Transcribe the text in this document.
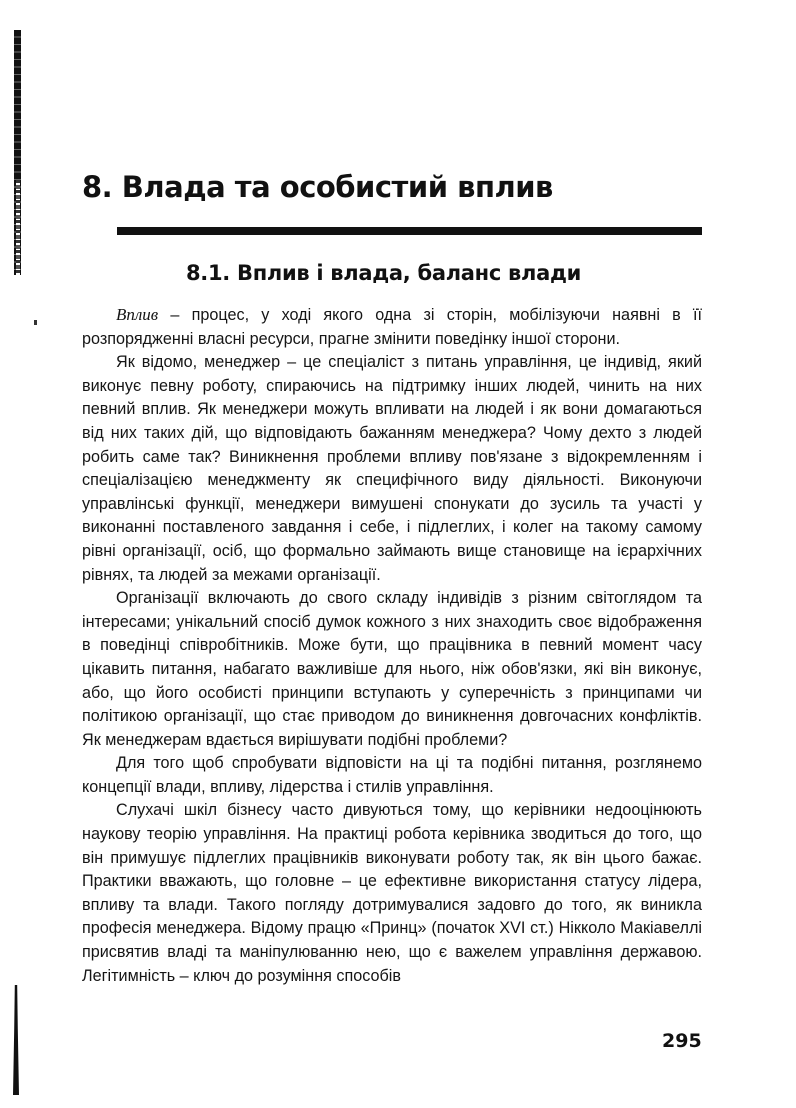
8. Влада та особистий вплив
8.1. Вплив і влада, баланс влади

Вплив – процес, у ході якого одна зі сторін, мобілізуючи наявні в її розпорядженні власні ресурси, прагне змінити поведінку іншої сторони.

Як відомо, менеджер – це спеціаліст з питань управління, це індивід, який виконує певну роботу, спираючись на підтримку інших людей, чинить на них певний вплив. Як менеджери можуть впливати на людей і як вони домагаються від них таких дій, що відповідають бажанням менеджера? Чому дехто з людей робить саме так? Виникнення проблеми впливу пов'язане з відокремленням і спеціалізацією менеджменту як специфічного виду діяльності. Виконуючи управлінські функції, менеджери вимушені спонукати до зусиль та участі у виконанні поставленого завдання і себе, і підлеглих, і колег на такому самому рівні організації, осіб, що формально займають вище становище на ієрархічних рівнях, та людей за межами організації.

Організації включають до свого складу індивідів з різним світоглядом та інтересами; унікальний спосіб думок кожного з них знаходить своє відображення в поведінці співробітників. Може бути, що працівника в певний момент часу цікавить питання, набагато важливіше для нього, ніж обов'язки, які він виконує, або, що його особисті принципи вступають у суперечність з принципами чи політикою організації, що стає приводом до виникнення довгочасних конфліктів. Як менеджерам вдається вирішувати подібні проблеми?

Для того щоб спробувати відповісти на ці та подібні питання, розглянемо концепції влади, впливу, лідерства і стилів управління.

Слухачі шкіл бізнесу часто дивуються тому, що керівники недооцінюють наукову теорію управління. На практиці робота керівника зводиться до того, що він примушує підлеглих працівників виконувати роботу так, як він цього бажає. Практики вважають, що головне – це ефективне використання статусу лідера, впливу та влади. Такого погляду дотримувалися задовго до того, як виникла професія менеджера. Відому працю «Принц» (початок XVI ст.) Нікколо Макіавеллі присвятив владі та маніпулюванню нею, що є важелем управління державою. Легітимність – ключ до розуміння способів

295
